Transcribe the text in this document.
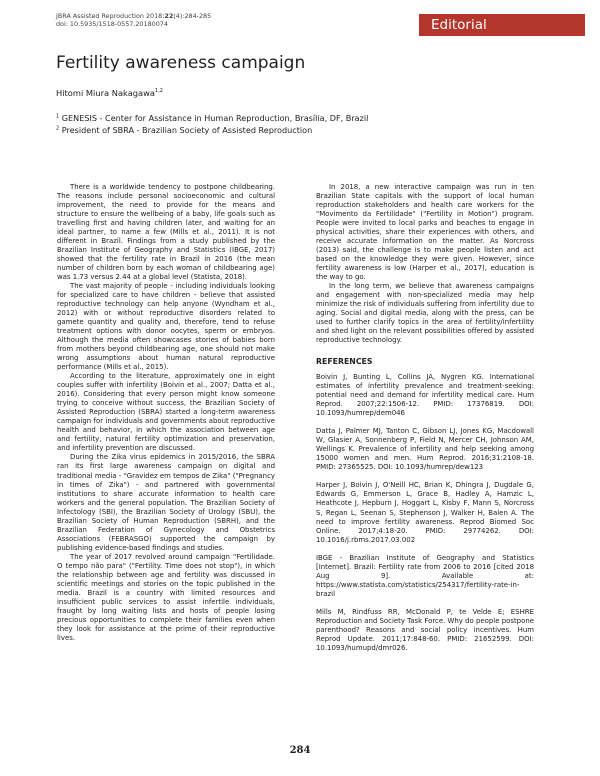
JBRA Assisted Reproduction 2018;22(4):284-285
doi: 10.5935/1518-0557.20180074	Editorial
Fertility awareness campaign
Hitomi Miura Nakagawa$^{1,2}$
$^1$ GENESIS - Center for Assistance in Human Reproduction, Brasília, DF, Brazil
$^2$ President of SBRA - Brazilian Society of Assisted Reproduction

There is a worldwide tendency to postpone childbearing. The reasons include personal socioeconomic and cultural improvement, the need to provide for the means and structure to ensure the wellbeing of a baby, life goals such as travelling first and having children later, and waiting for an ideal partner, to name a few (Mills et al., 2011). It is not different in Brazil. Findings from a study published by the Brazilian Institute of Geography and Statistics (IBGE, 2017) showed that the fertility rate in Brazil in 2016 (the mean number of children born by each woman of childbearing age) was 1.73 versus 2.44 at a global level (Statista, 2018).

The vast majority of people - including individuals looking for specialized care to have children - believe that assisted reproductive technology can help anyone (Wyndham et al., 2012) with or without reproductive disorders related to gamete quantity and quality and, therefore, tend to refuse treatment options with donor oocytes, sperm or embryos. Although the media often showcases stories of babies born from mothers beyond childbearing age, one should not make wrong assumptions about human natural reproductive performance (Mills et al., 2015).

According to the literature, approximately one in eight couples suffer with infertility (Boivin et al., 2007; Datta et al., 2016). Considering that every person might know someone trying to conceive without success, the Brazilian Society of Assisted Reproduction (SBRA) started a long-term awareness campaign for individuals and governments about reproductive health and behavior, in which the association between age and fertility, natural fertility optimization and preservation, and infertility prevention are discussed.

During the Zika virus epidemics in 2015/2016, the SBRA ran its first large awareness campaign on digital and traditional media - "Gravidez em tempos de Zika" ("Pregnancy in times of Zika") - and partnered with governmental institutions to share accurate information to health care workers and the general population. The Brazilian Society of Infectology (SBI), the Brazilian Society of Urology (SBU), the Brazilian Society of Human Reproduction (SBRH), and the Brazilian Federation of Gynecology and Obstetrics Associations (FEBRASGO) supported the campaign by publishing evidence-based findings and studies.

The year of 2017 revolved around campaign "Fertilidade. O tempo não para" ("Fertility. Time does not stop"), in which the relationship between age and fertility was discussed in scientific meetings and stories on the topic published in the media. Brazil is a country with limited resources and insufficient public services to assist infertile individuals, fraught by long waiting lists and hosts of people losing precious opportunities to complete their families even when they look for assistance at the prime of their reproductive lives.

In 2018, a new interactive campaign was run in ten Brazilian State capitals with the support of local human reproduction stakeholders and health care workers for the "Movimento da Fertilidade" ("Fertility in Motion") program. People were invited to local parks and beaches to engage in physical activities, share their experiences with others, and receive accurate information on the matter. As Norcross (2013) said, the challenge is to make people listen and act based on the knowledge they were given. However, since fertility awareness is low (Harper et al., 2017), education is the way to go.

In the long term, we believe that awareness campaigns and engagement with non-specialized media may help minimize the risk of individuals suffering from infertility due to aging. Social and digital media, along with the press, can be used to further clarify topics in the area of fertility/infertility and shed light on the relevant possibilities offered by assisted reproductive technology.

REFERENCES
Boivin J, Bunting L, Collins JA, Nygren KG. International estimates of infertility prevalence and treatment-seeking: potential need and demand for infertility medical care. Hum Reprod. 2007;22:1506-12. PMID: 17376819. DOI: 10.1093/humrep/dem046
Datta J, Palmer MJ, Tanton C, Gibson LJ, Jones KG, Macdowall W, Glasier A, Sonnenberg P, Field N, Mercer CH, Johnson AM, Wellings K. Prevalence of infertility and help seeking among 15000 women and men. Hum Reprod. 2016;31:2108-18. PMID: 27365525. DOI: 10.1093/humrep/dew123
Harper J, Boivin J, O'Neill HC, Brian K, Dhingra J, Dugdale G, Edwards G, Emmerson L, Grace B, Hadley A, Hamzic L, Heathcote J, Hepburn J, Hoggart L, Kisby F, Mann S, Norcross S, Regan L, Seenan S, Stephenson J, Walker H, Balen A. The need to improve fertility awareness. Reprod Biomed Soc Online. 2017;4:18-20. PMID: 29774262. DOI: 10.1016/j.rbms.2017.03.002
IBGE - Brazilian Institute of Geography and Statistics [Internet]. Brazil: Fertility rate from 2006 to 2016 [cited 2018 Aug 9]. Available at: https://www.statista.com/statistics/254317/fertility-rate-in-brazil
Mills M, Rindfuss RR, McDonald P, te Velde E; ESHRE Reproduction and Society Task Force. Why do people postpone parenthood? Reasons and social policy incentives. Hum Reprod Update. 2011;17:848-60. PMID: 21652599. DOI: 10.1093/humupd/dmr026.
284
